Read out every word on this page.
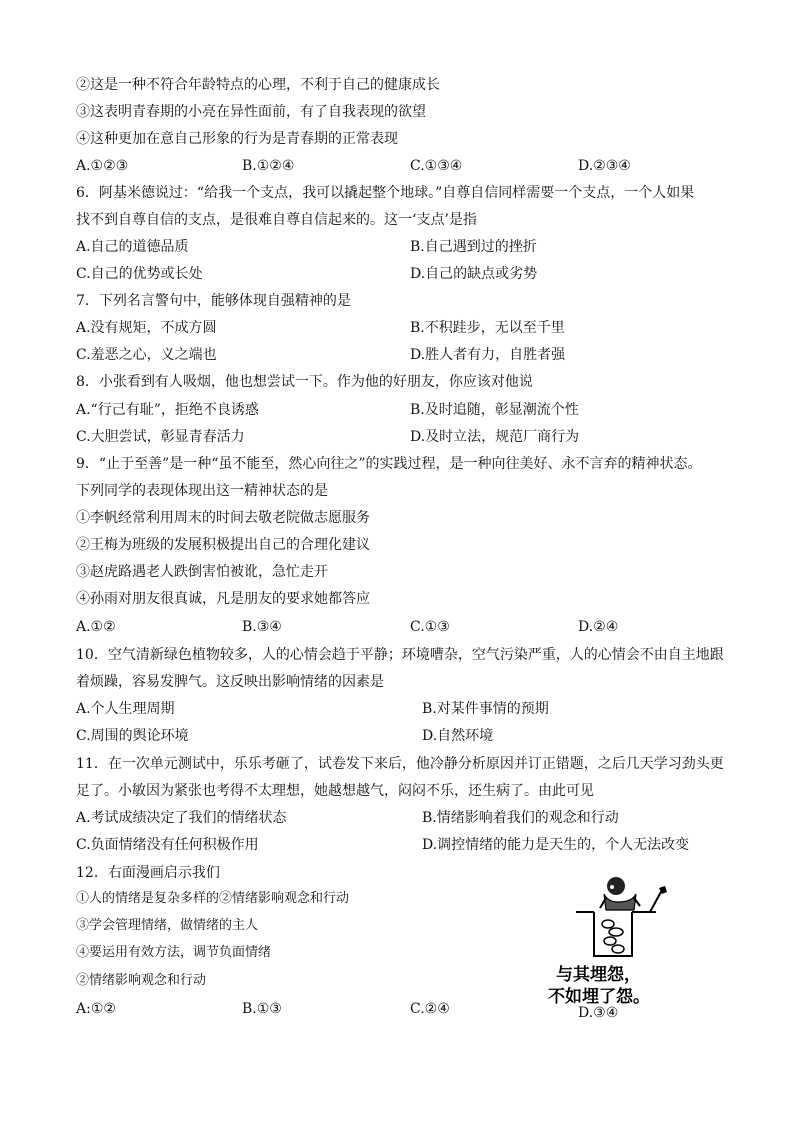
②这是一种不符合年龄特点的心理，不利于自己的健康成长
③这表明青春期的小亮在异性面前，有了自我表现的欲望
④这种更加在意自己形象的行为是青春期的正常表现
A.①②③	B.①②④	C.①③④	D.②③④
6．阿基米德说过：“给我一个支点，我可以撬起整个地球。”自尊自信同样需要一个支点，一个人如果
找不到自尊自信的支点，是很难自尊自信起来的。这一‘支点’是指
A.自己的道德品质	B.自己遇到过的挫折
C.自己的优势或长处	D.自己的缺点或劣势
7．下列名言警句中，能够体现自强精神的是
A.没有规矩，不成方圆	B.不积跬步，无以至千里
C.羞恶之心，义之端也	D.胜人者有力，自胜者强
8．小张看到有人吸烟，他也想尝试一下。作为他的好朋友，你应该对他说
A.“行己有耻”，拒绝不良诱惑	B.及时追随，彰显潮流个性
C.大胆尝试，彰显青春活力	D.及时立法，规范厂商行为
9．“止于至善”是一种“虽不能至，然心向往之”的实践过程，是一种向往美好、永不言弃的精神状态。
下列同学的表现体现出这一精神状态的是
①李帆经常利用周末的时间去敬老院做志愿服务
②王梅为班级的发展积极提出自己的合理化建议
③赵虎路遇老人跌倒害怕被讹，急忙走开
④孙雨对朋友很真诚，凡是朋友的要求她都答应
A.①②	B.③④	C.①③	D.②④
10．空气清新绿色植物较多，人的心情会趋于平静；环境嘈杂，空气污染严重，人的心情会不由自主地跟
着烦躁，容易发脾气。这反映出影响情绪的因素是
A.个人生理周期	B.对某件事情的预期
C.周围的舆论环境	D.自然环境
11．在一次单元测试中，乐乐考砸了，试卷发下来后，他冷静分析原因并订正错题，之后几天学习劲头更
足了。小敏因为紧张也考得不太理想，她越想越气，闷闷不乐，还生病了。由此可见
A.考试成绩决定了我们的情绪状态	B.情绪影响着我们的观念和行动
C.负面情绪没有任何积极作用	D.调控情绪的能力是天生的，个人无法改变
12．右面漫画启示我们
①人的情绪是复杂多样的②情绪影响观念和行动
③学会管理情绪，做情绪的主人
④要运用有效方法，调节负面情绪
②情绪影响观念和行动
A:①②	B.①③	C.②④	D.③④
与其埋怨，
不如埋了怨。
